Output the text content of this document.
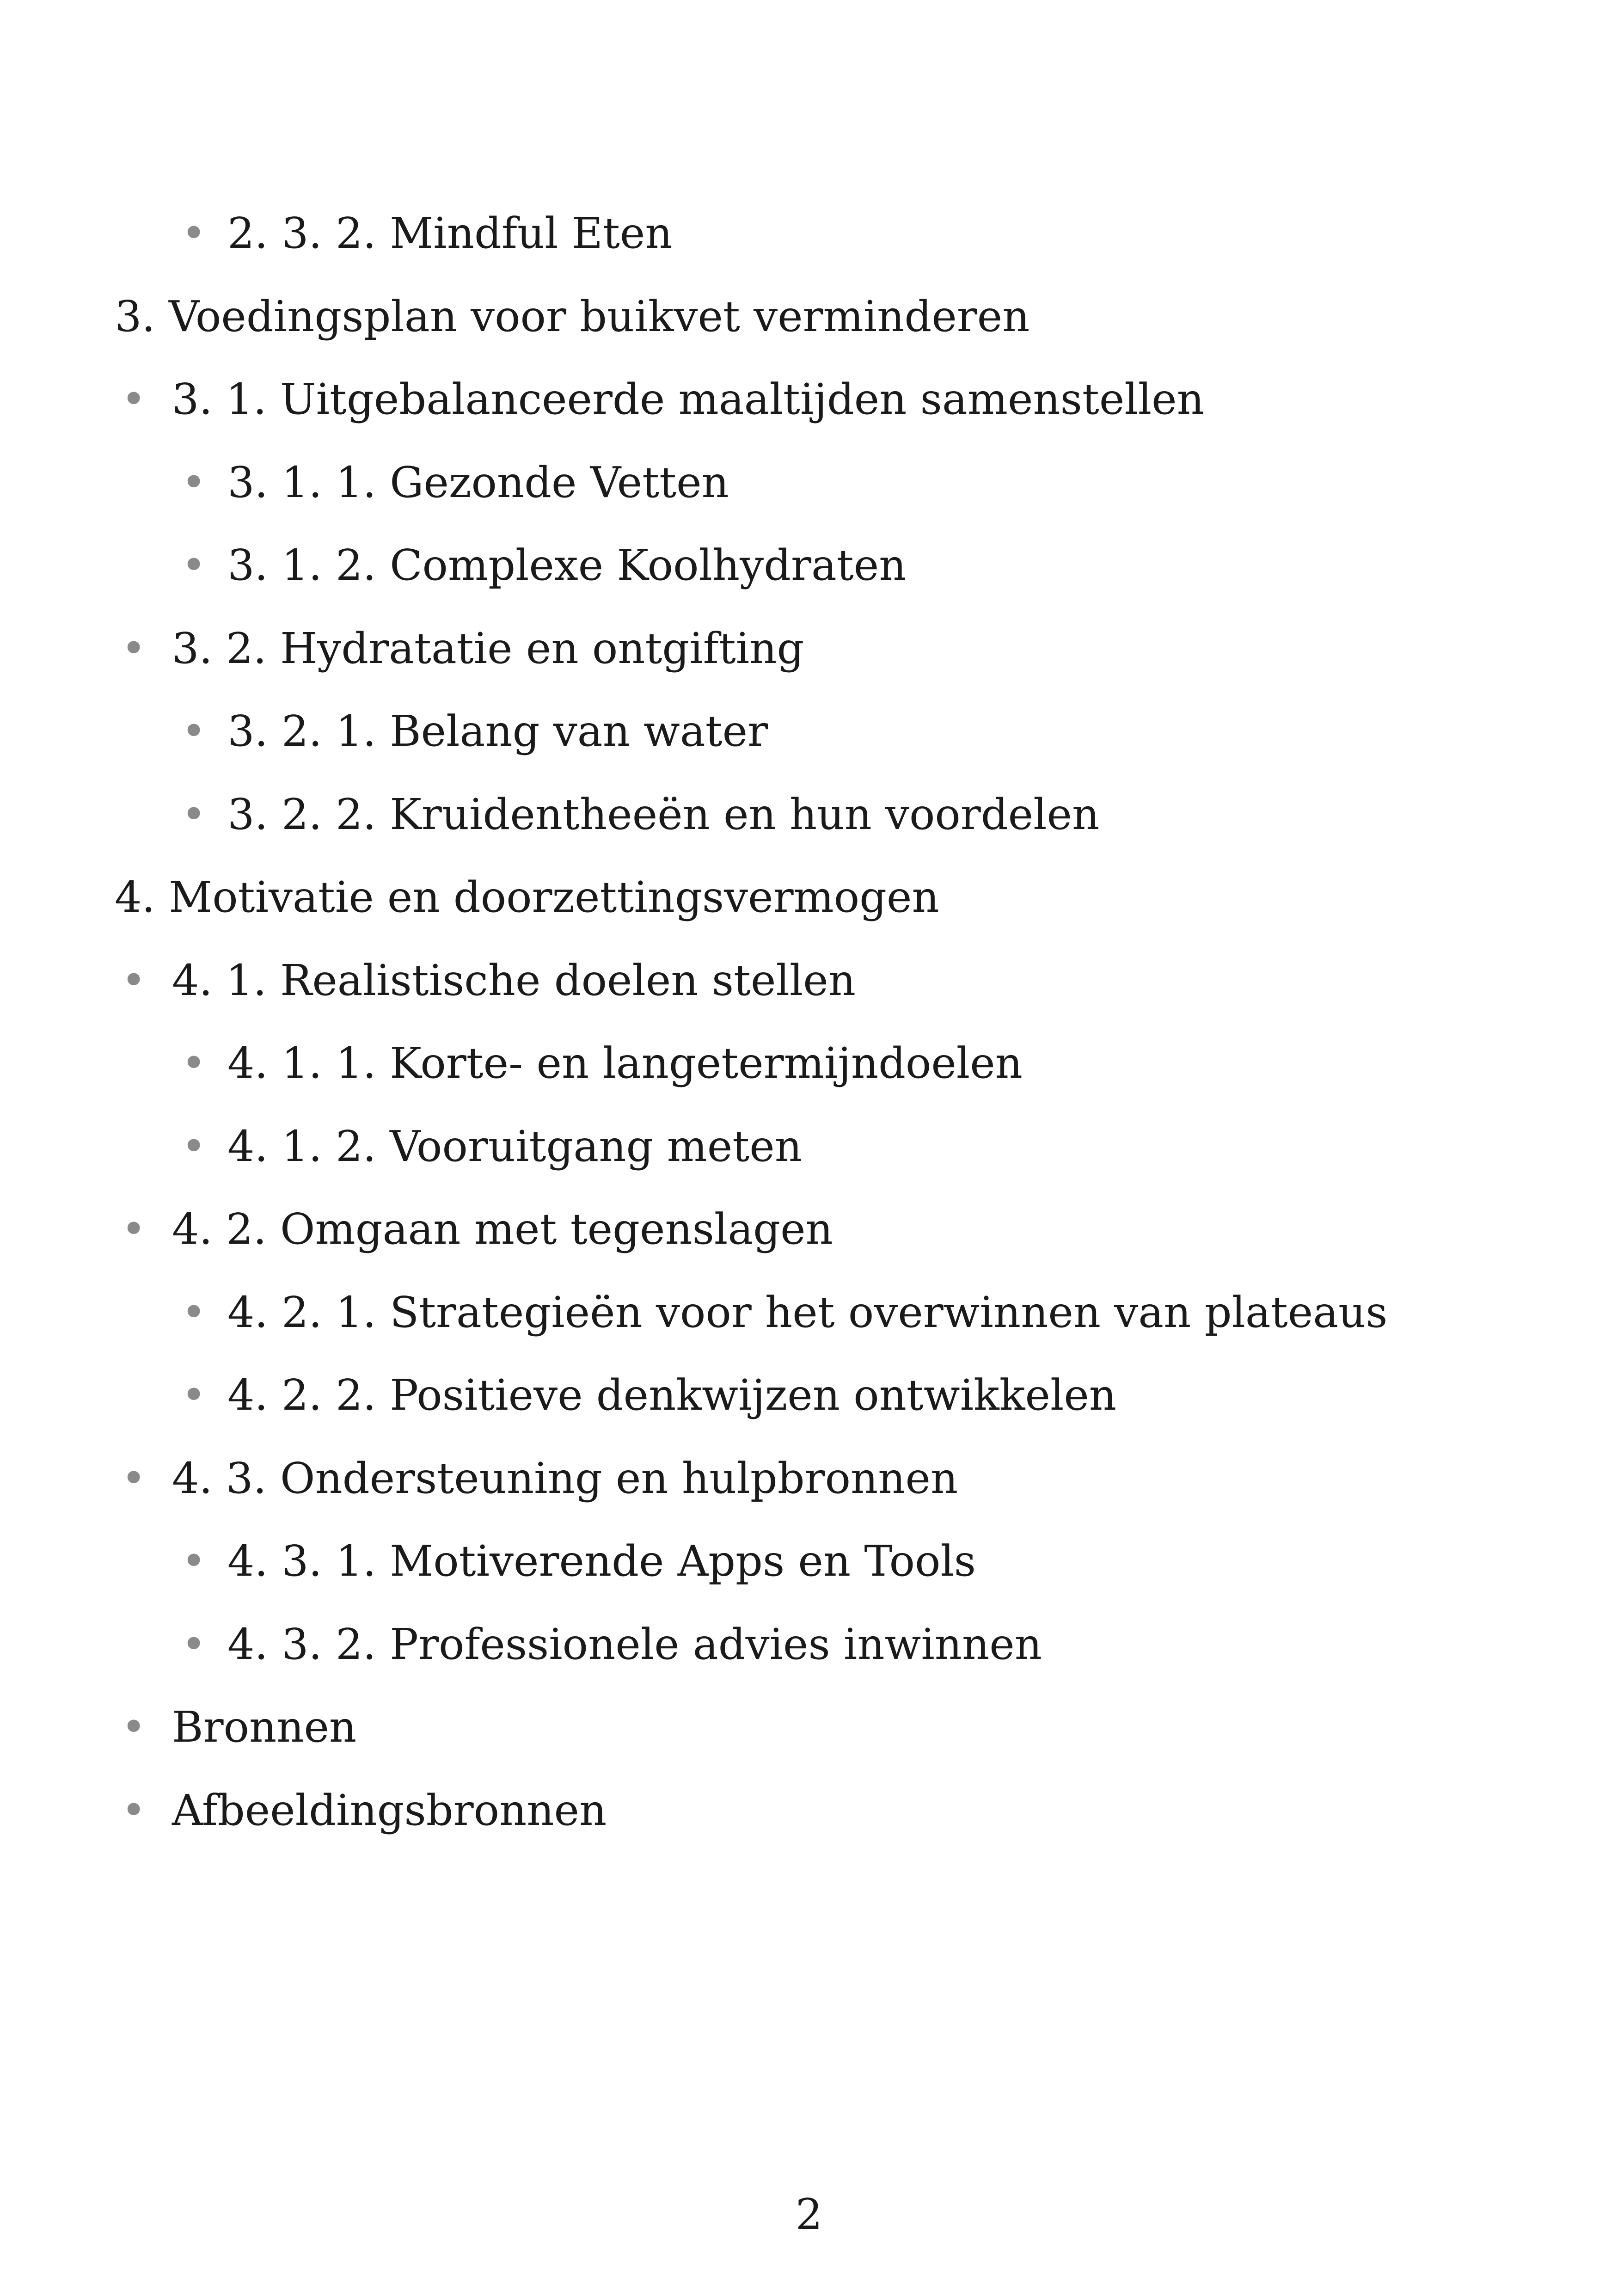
• 2. 3. 2. Mindful Eten
3. Voedingsplan voor buikvet verminderen
• 3. 1. Uitgebalanceerde maaltijden samenstellen
• 3. 1. 1. Gezonde Vetten
• 3. 1. 2. Complexe Koolhydraten
• 3. 2. Hydratatie en ontgifting
• 3. 2. 1. Belang van water
• 3. 2. 2. Kruidentheeën en hun voordelen
4. Motivatie en doorzettingsvermogen
• 4. 1. Realistische doelen stellen
• 4. 1. 1. Korte- en langetermijndoelen
• 4. 1. 2. Vooruitgang meten
• 4. 2. Omgaan met tegenslagen
• 4. 2. 1. Strategieën voor het overwinnen van plateaus
• 4. 2. 2. Positieve denkwijzen ontwikkelen
• 4. 3. Ondersteuning en hulpbronnen
• 4. 3. 1. Motiverende Apps en Tools
• 4. 3. 2. Professionele advies inwinnen
• Bronnen
• Afbeeldingsbronnen
2
